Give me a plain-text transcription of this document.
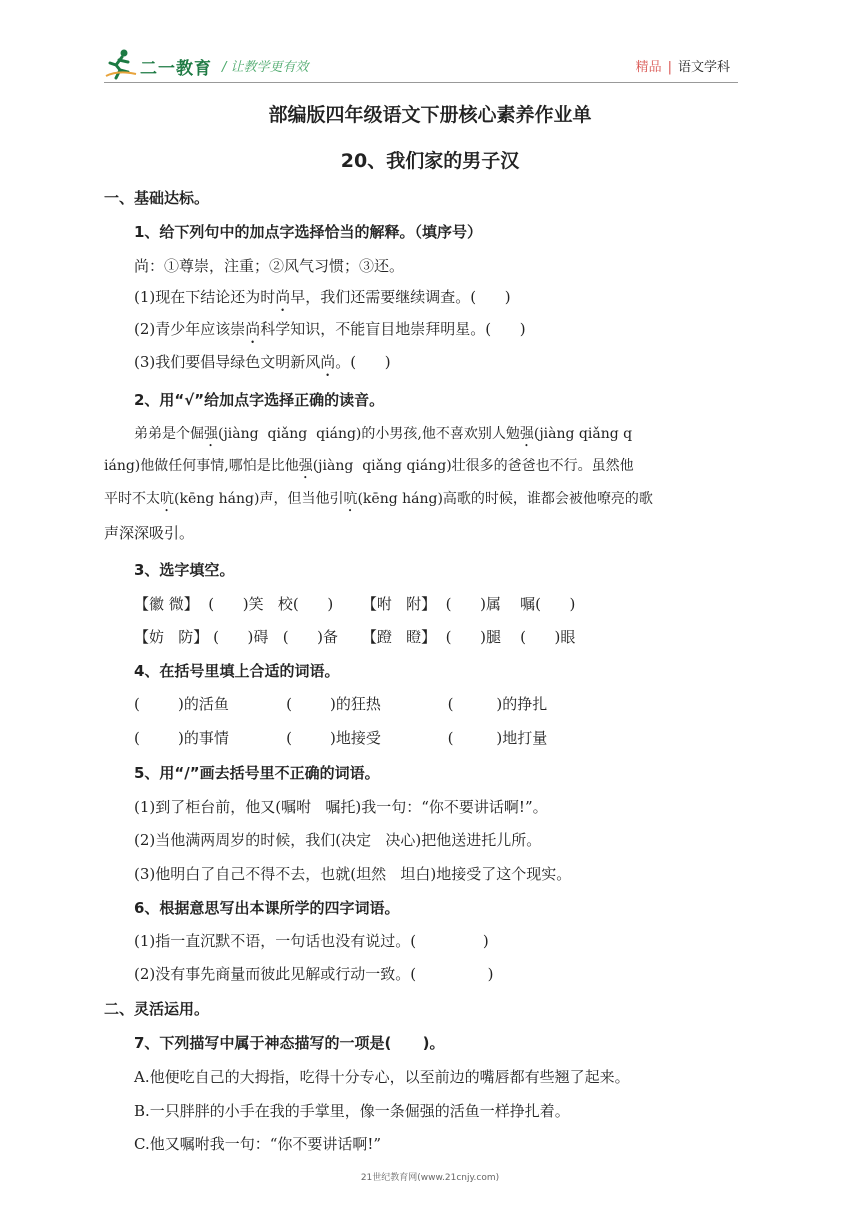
二一教育 / 让教学更有效	精品 | 语文学科
部编版四年级语文下册核心素养作业单
20、我们家的男子汉
一、基础达标。
1、给下列句中的加点字选择恰当的解释。（填序号）
尚：①尊崇，注重；②风气习惯；③还。
(1)现在下结论还为时尚早，我们还需要继续调查。(      )
(2)青少年应该崇尚科学知识，不能盲目地崇拜明星。(      )
(3)我们要倡导绿色文明新风尚。(      )
2、用“√”给加点字选择正确的读音。
弟弟是个倔强(jiàng  qiǎng  qiáng)的小男孩,他不喜欢别人勉强(jiàng qiǎng q
iáng)他做任何事情,哪怕是比他强(jiàng  qiǎng qiáng)壮很多的爸爸也不行。虽然他
平时不太吭(kēng háng)声，但当他引吭(kēng háng)高歌的时候，谁都会被他嘹亮的歌
声深深吸引。
3、选字填空。
【徽 微】  (      )笑   校(      )      【咐   附】  (      )属    嘱(      )
【妨   防】 (      )碍   (      )备     【蹬   瞪】  (      )腿    (      )眼
4、在括号里填上合适的词语。
(        )的活鱼            (        )的狂热              (         )的挣扎
(        )的事情            (        )地接受              (         )地打量
5、用“/”画去括号里不正确的词语。
(1)到了柜台前，他又(嘱咐   嘱托)我一句：“你不要讲话啊!”。
(2)当他满两周岁的时候，我们(决定   决心)把他送进托儿所。
(3)他明白了自己不得不去，也就(坦然   坦白)地接受了这个现实。
6、根据意思写出本课所学的四字词语。
(1)指一直沉默不语，一句话也没有说过。(              )
(2)没有事先商量而彼此见解或行动一致。(               )
二、灵活运用。
7、下列描写中属于神态描写的一项是(      )。
A.他便吃自己的大拇指，吃得十分专心，以至前边的嘴唇都有些翘了起来。
B.一只胖胖的小手在我的手掌里，像一条倔强的活鱼一样挣扎着。
C.他又嘱咐我一句：“你不要讲话啊!”
21世纪教育网(www.21cnjy.com)
